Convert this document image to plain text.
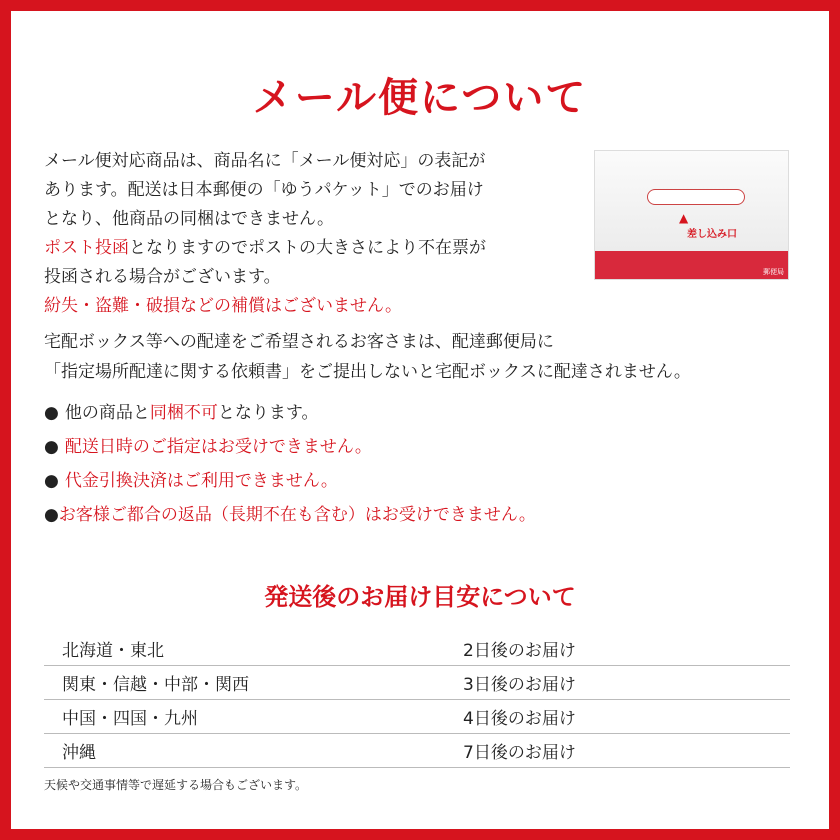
メール便について

メール便対応商品は、商品名に「メール便対応」の表記が

あります。配送は日本郵便の「ゆうパケット」でのお届け

となり、他商品の同梱はできません。

ポスト投函となりますのでポストの大きさにより不在票が

投函される場合がございます。

紛失・盗難・破損などの補償はございません。

▲
差し込み口
郵便局
宅配ボックス等への配達をご希望されるお客さまは、配達郵便局に
「指定場所配達に関する依頼書」をご提出しないと宅配ボックスに配達されません。
● 他の商品と同梱不可となります。
● 配送日時のご指定はお受けできません。
● 代金引換決済はご利用できません。
●お客様ご都合の返品（長期不在も含む）はお受けできません。
発送後のお届け目安について
北海道・東北	2日後のお届け
関東・信越・中部・関西	3日後のお届け
中国・四国・九州	4日後のお届け
沖縄	7日後のお届け

天候や交通事情等で遅延する場合もございます。
